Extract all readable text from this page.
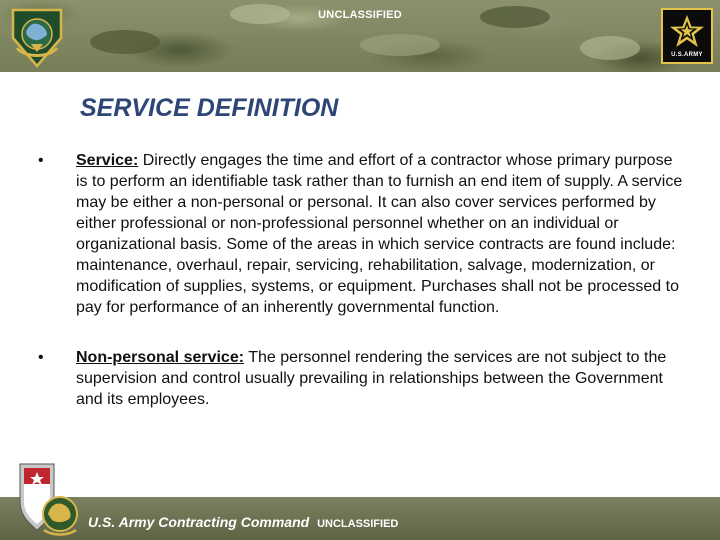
UNCLASSIFIED
U.S.ARMY
SERVICE DEFINITION
• Service: Directly engages the time and effort of a contractor whose primary purpose is to perform an identifiable task rather than to furnish an end item of supply. A service may be either a non-personal or personal. It can also cover services performed by either professional or non-professional personnel whether on an individual or organizational basis. Some of the areas in which service contracts are found include: maintenance, overhaul, repair, servicing, rehabilitation, salvage, modernization, or modification of supplies, systems, or equipment. Purchases shall not be processed to pay for performance of an inherently governmental function.
• Non-personal service: The personnel rendering the services are not subject to the supervision and control usually prevailing in relationships between the Government and its employees.
U.S. Army Contracting Command UNCLASSIFIED
